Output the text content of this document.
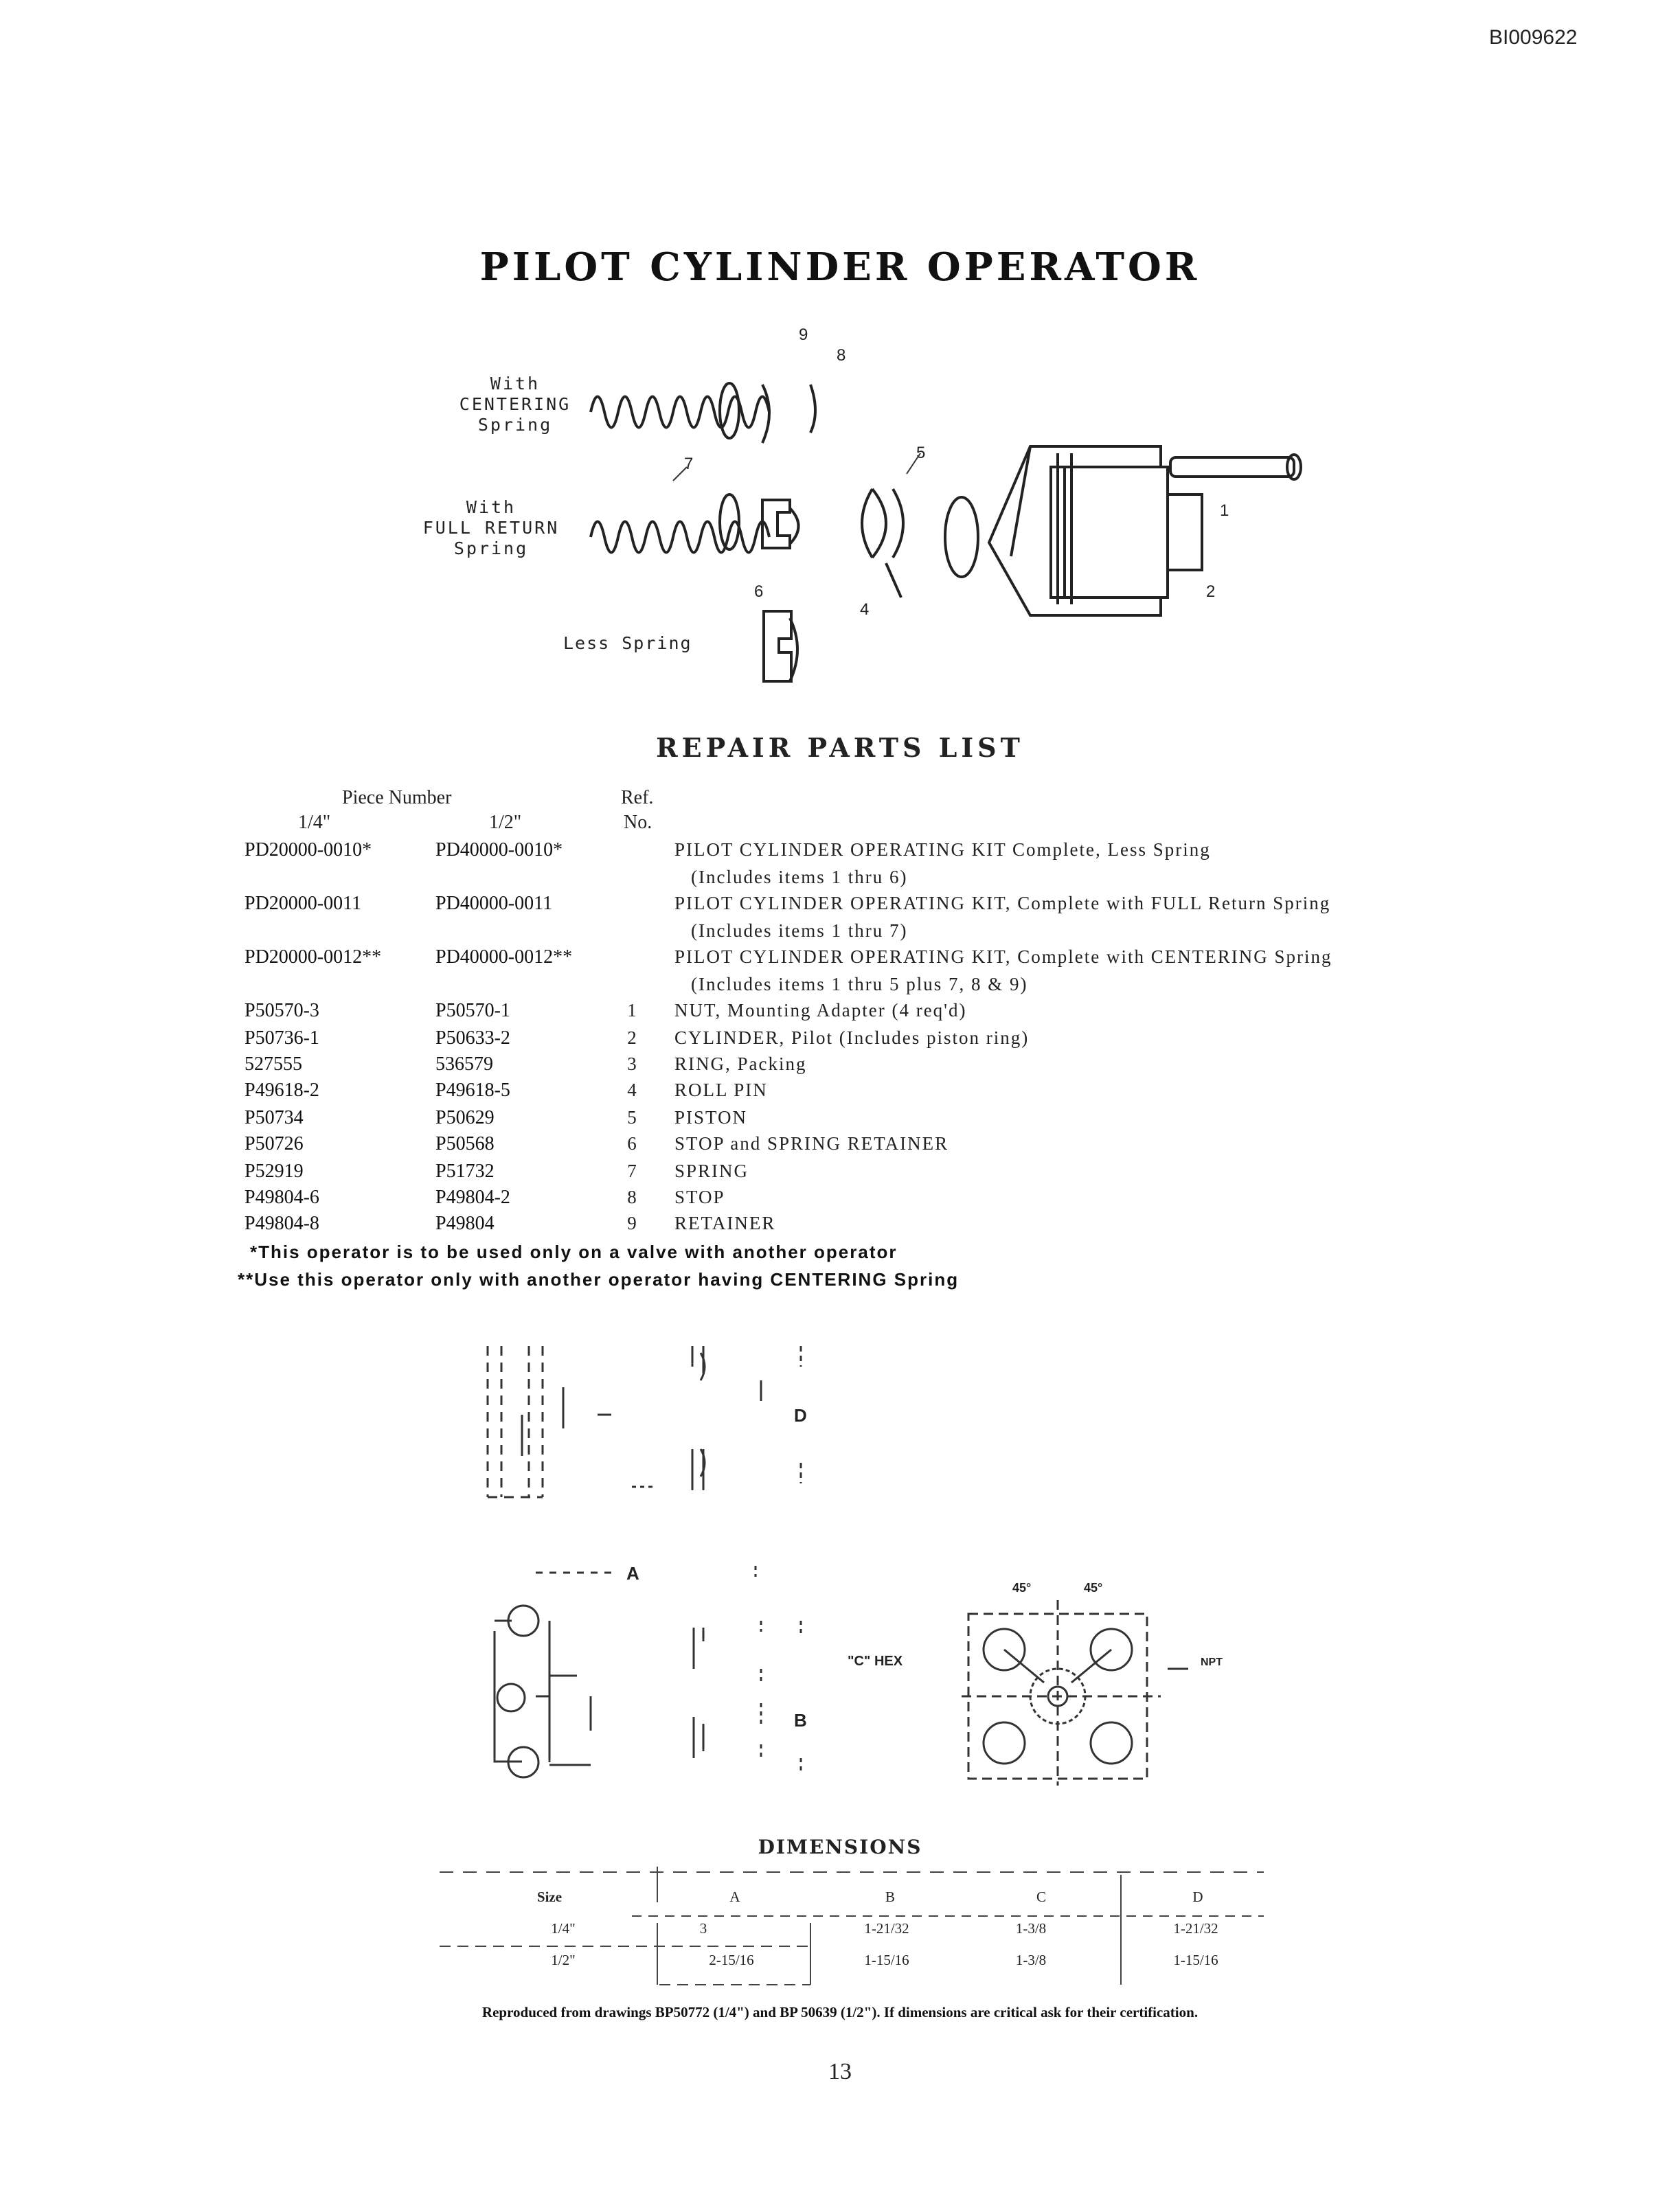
BI009622
PILOT CYLINDER OPERATOR
With
CENTERING
Spring
With
FULL RETURN
Spring
Less Spring
9
8
7
5
1
6
4
2
REPAIR PARTS LIST
Piece Number
1/4"	1/2"
Ref.
No.
PD20000-0010*	PD40000-0010*	PILOT CYLINDER OPERATING KIT Complete, Less Spring
(Includes items 1 thru 6)
PD20000-0011	PD40000-0011	PILOT CYLINDER OPERATING KIT, Complete with FULL Return Spring
(Includes items 1 thru 7)
PD20000-0012**	PD40000-0012**	PILOT CYLINDER OPERATING KIT, Complete with CENTERING Spring
(Includes items 1 thru 5 plus 7, 8 & 9)
P50570-3	P50570-1	1	NUT, Mounting Adapter (4 req'd)
P50736-1	P50633-2	2	CYLINDER, Pilot (Includes piston ring)
527555	536579	3	RING, Packing
P49618-2	P49618-5	4	ROLL PIN
P50734	P50629	5	PISTON
P50726	P50568	6	STOP and SPRING RETAINER
P52919	P51732	7	SPRING
P49804-6	P49804-2	8	STOP
P49804-8	P49804	9	RETAINER
*This operator is to be used only on a valve with another operator
**Use this operator only with another operator having CENTERING Spring
D
A
B
"C" HEX	NPT
45°	45°
DIMENSIONS
Size	A	B	C	D
1/4"	3	1-21/32	1-3/8	1-21/32
1/2"	2-15/16	1-15/16	1-3/8	1-15/16
Reproduced from drawings BP50772 (1/4") and BP 50639 (1/2"). If dimensions are critical ask for their certification.
13
